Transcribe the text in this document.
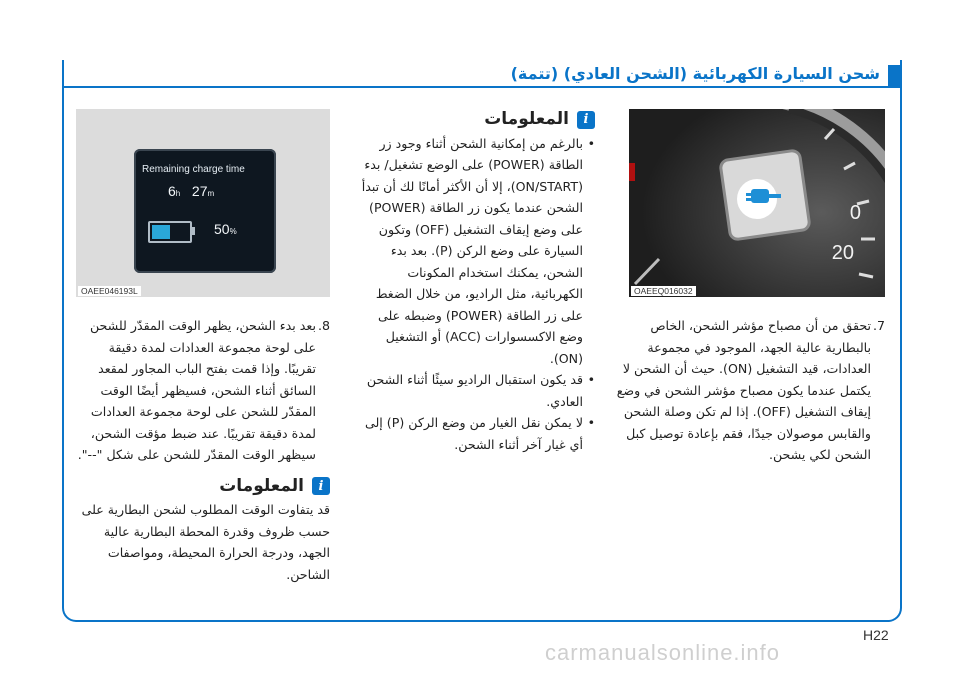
شحن السيارة الكهربائية (الشحن العادي) (تتمة)
20
0
OAEEQ016032
7.
تحقق من أن مصباح مؤشر الشحن، الخاص بالبطارية عالية الجهد، الموجود في مجموعة العدادات، قيد التشغيل (ON). حيث أن الشحن لا يكتمل عندما يكون مصباح مؤشر الشحن في وضع إيقاف التشغيل (OFF). إذا لم تكن وصلة الشحن والقابس موصولان جيدًا، فقم بإعادة توصيل كبل الشحن لكي يشحن.
i
المعلومات
• بالرغم من إمكانية الشحن أثناء وجود زر الطاقة (POWER) على الوضع تشغيل/ بدء (ON/START)، إلا أن الأكثر أمانًا لك أن تبدأ الشحن عندما يكون زر الطاقة (POWER) على وضع إيقاف التشغيل (OFF) وتكون السيارة على وضع الركن (P). بعد بدء الشحن، يمكنك استخدام المكونات الكهربائية، مثل الراديو، من خلال الضغط على زر الطاقة (POWER) وضبطه على وضع الاكسسوارات (ACC) أو التشغيل (ON).
• قد يكون استقبال الراديو سيئًا أثناء الشحن العادي.
• لا يمكن نقل الغيار من وضع الركن (P) إلى أي غيار آخر أثناء الشحن.
Remaining charge time
6h 27m
50%
OAEE046193L
8.
بعد بدء الشحن، يظهر الوقت المقدّر للشحن على لوحة مجموعة العدادات لمدة دقيقة تقريبًا. وإذا قمت بفتح الباب المجاور لمقعد السائق أثناء الشحن، فسيظهر أيضًا الوقت المقدّر للشحن على لوحة مجموعة العدادات لمدة دقيقة تقريبًا. عند ضبط مؤقت الشحن، سيظهر الوقت المقدّر للشحن على شكل "--".
i
المعلومات

قد يتفاوت الوقت المطلوب لشحن البطارية على حسب ظروف وقدرة المحطة البطارية عالية الجهد، ودرجة الحرارة المحيطة، ومواصفات الشاحن.

H22
carmanualsonline.info
